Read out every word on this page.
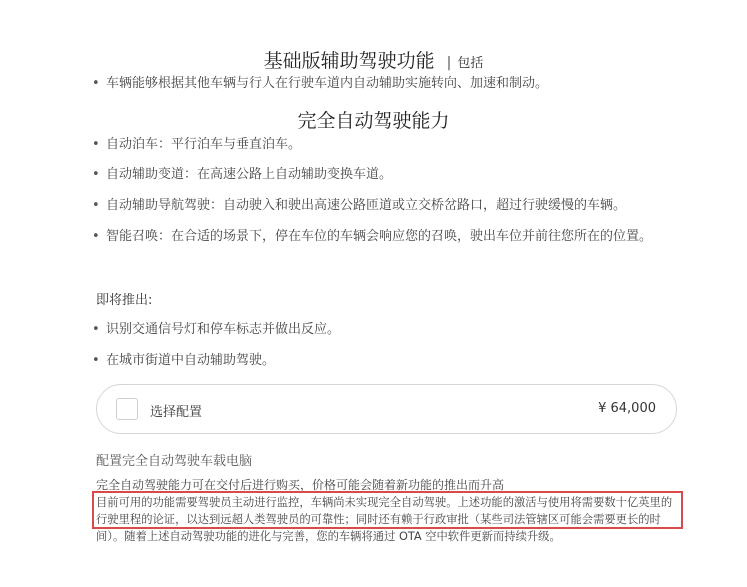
基础版辅助驾驶功能 | 包括
• 车辆能够根据其他车辆与行人在行驶车道内自动辅助实施转向、加速和制动。
完全自动驾驶能力
• 自动泊车：平行泊车与垂直泊车。
• 自动辅助变道：在高速公路上自动辅助变换车道。
• 自动辅助导航驾驶：自动驶入和驶出高速公路匝道或立交桥岔路口，超过行驶缓慢的车辆。
• 智能召唤：在合适的场景下，停在车位的车辆会响应您的召唤，驶出车位并前往您所在的位置。
即将推出:
• 识别交通信号灯和停车标志并做出反应。
• 在城市街道中自动辅助驾驶。
选择配置	¥ 64,000
配置完全自动驾驶车载电脑
完全自动驾驶能力可在交付后进行购买，价格可能会随着新功能的推出而升高
目前可用的功能需要驾驶员主动进行监控，车辆尚未实现完全自动驾驶。上述功能的激活与使用将需要数十亿英里的行驶里程的论证，以达到远超人类驾驶员的可靠性；同时还有赖于行政审批（某些司法管辖区可能会需要更长的时间）。随着上述自动驾驶功能的进化与完善，您的车辆将通过 OTA 空中软件更新而持续升级。
